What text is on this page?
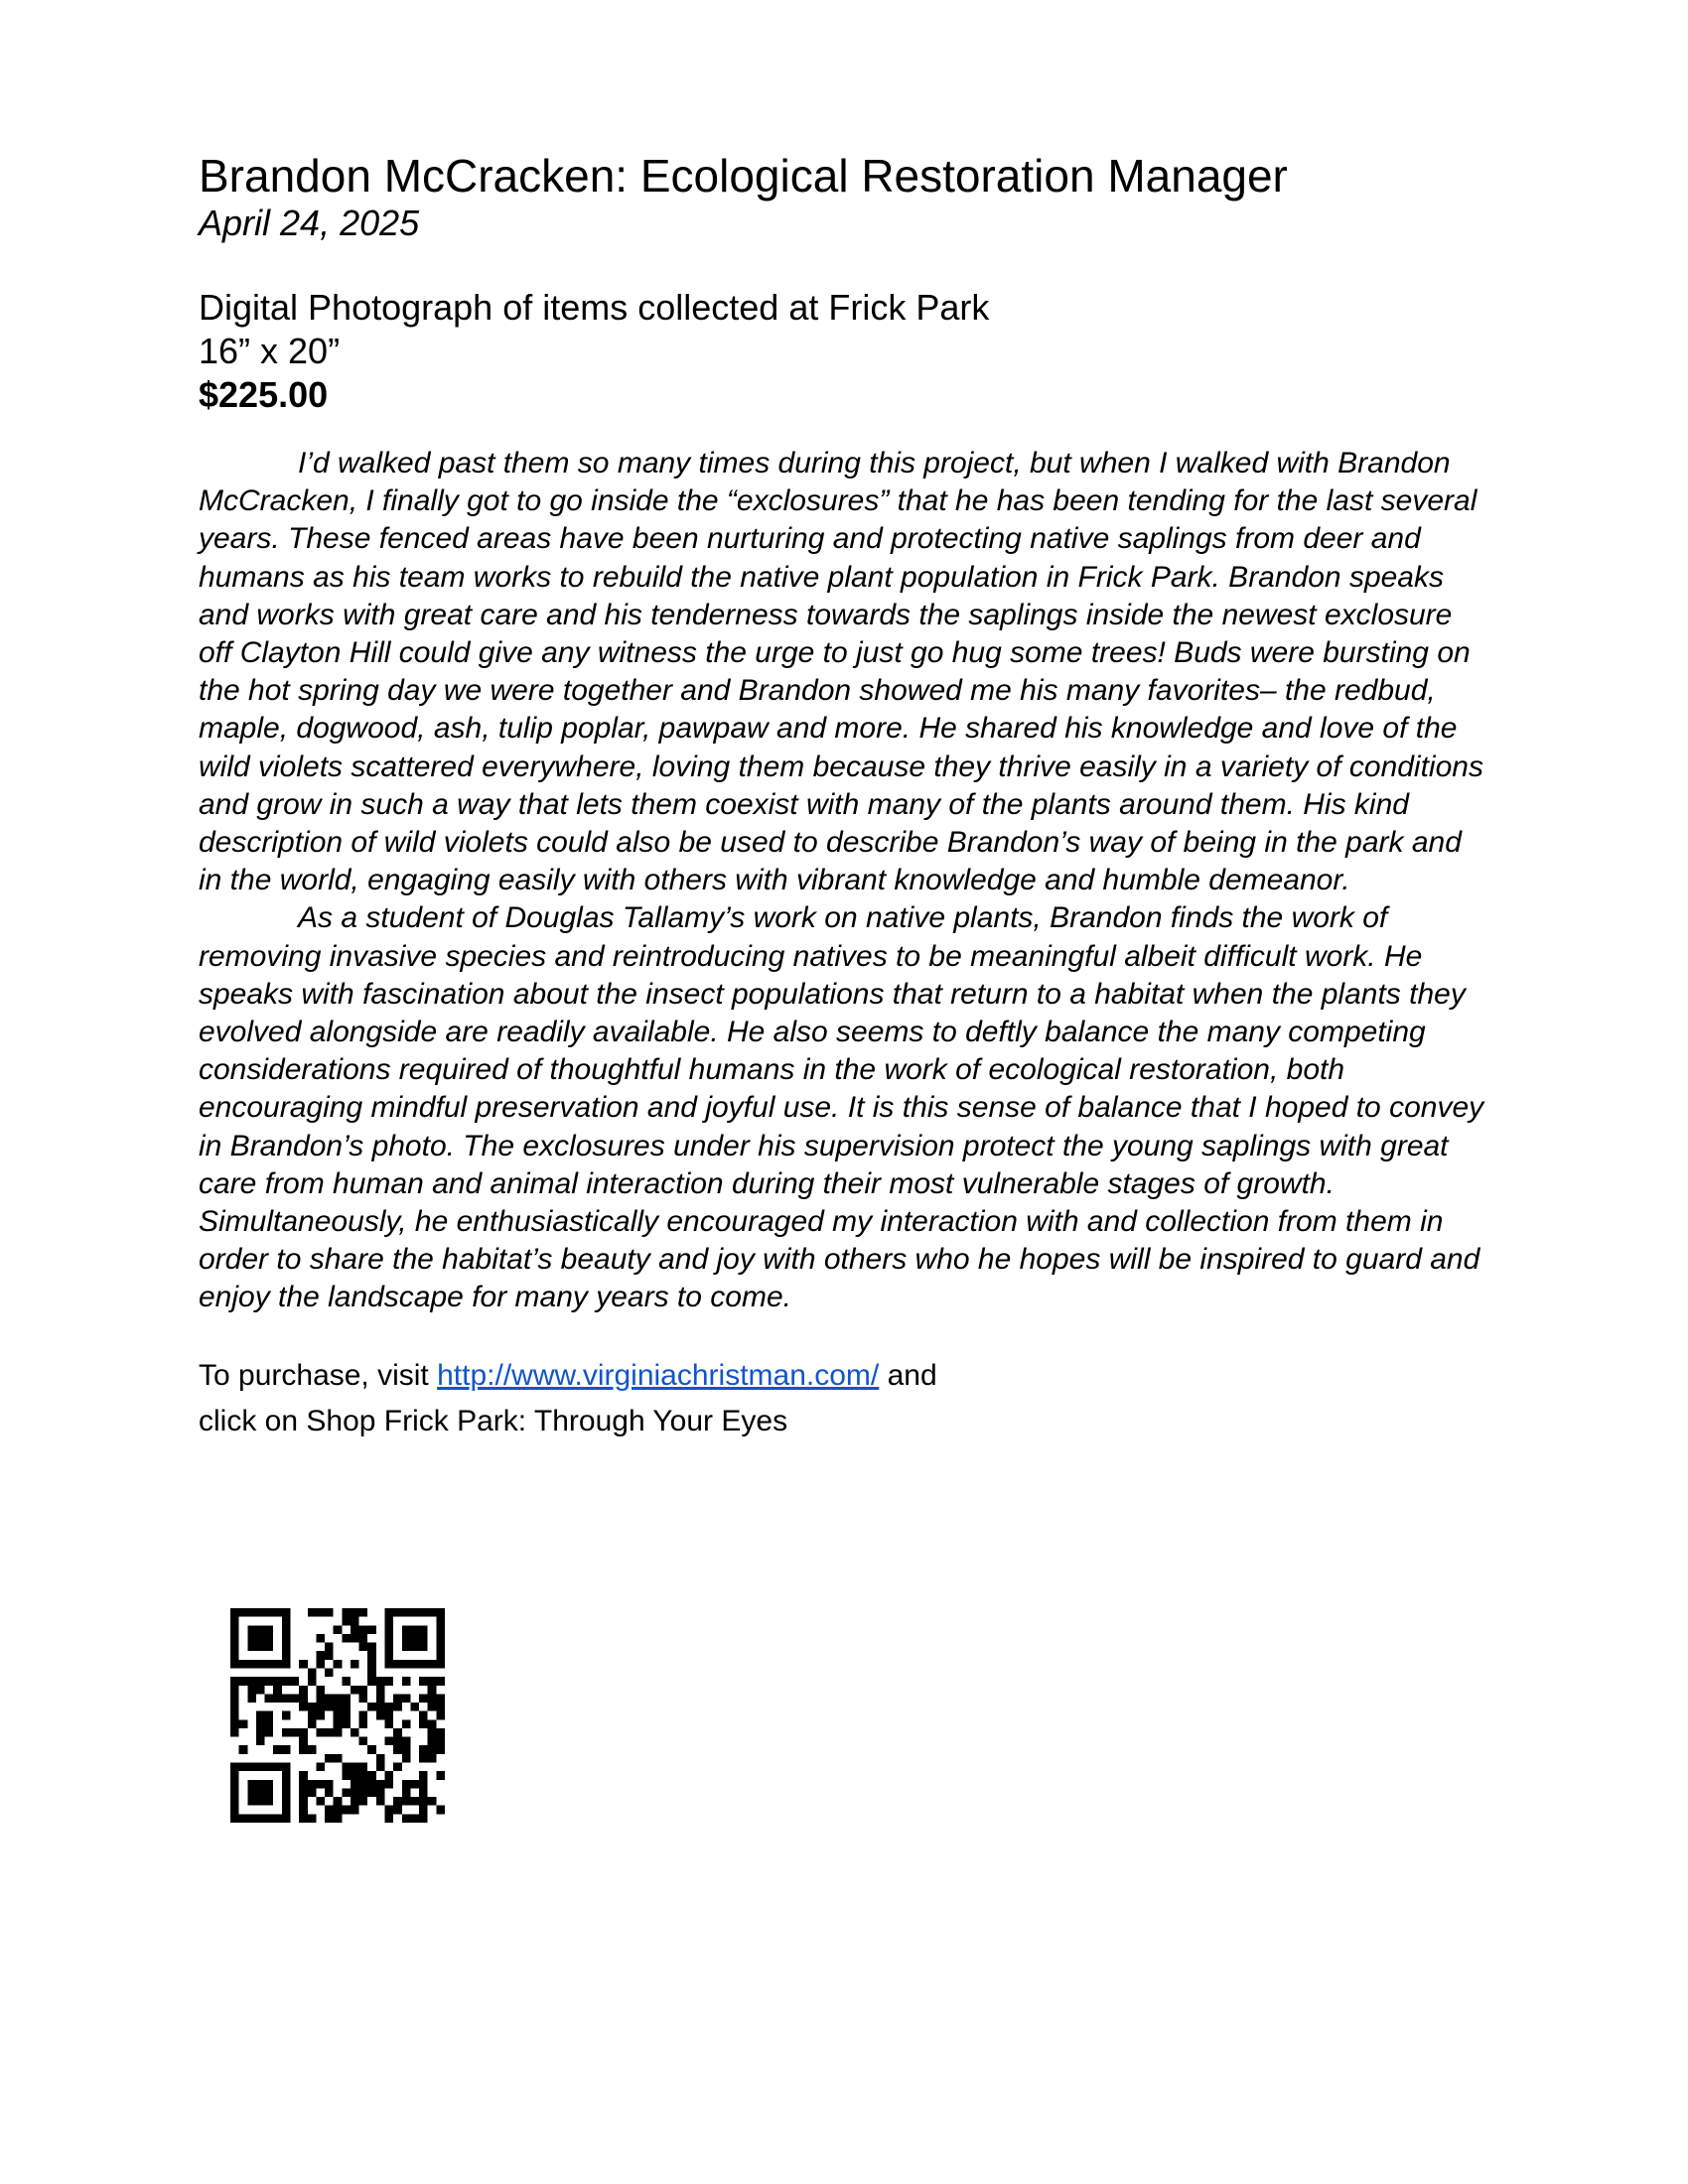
Brandon McCracken: Ecological Restoration Manager
April 24, 2025
Digital Photograph of items collected at Frick Park
16” x 20”
$225.00

I’d walked past them so many times during this project, but when I walked with Brandon McCracken, I finally got to go inside the “exclosures” that he has been tending for the last several years. These fenced areas have been nurturing and protecting native saplings from deer and humans as his team works to rebuild the native plant population in Frick Park. Brandon speaks and works with great care and his tenderness towards the saplings inside the newest exclosure off Clayton Hill could give any witness the urge to just go hug some trees! Buds were bursting on the hot spring day we were together and Brandon showed me his many favorites– the redbud, maple, dogwood, ash, tulip poplar, pawpaw and more. He shared his knowledge and love of the wild violets scattered everywhere, loving them because they thrive easily in a variety of conditions and grow in such a way that lets them coexist with many of the plants around them. His kind description of wild violets could also be used to describe Brandon’s way of being in the park and in the world, engaging easily with others with vibrant knowledge and humble demeanor.

As a student of Douglas Tallamy’s work on native plants, Brandon finds the work of removing invasive species and reintroducing natives to be meaningful albeit difficult work. He speaks with fascination about the insect populations that return to a habitat when the plants they evolved alongside are readily available. He also seems to deftly balance the many competing considerations required of thoughtful humans in the work of ecological restoration, both encouraging mindful preservation and joyful use. It is this sense of balance that I hoped to convey in Brandon’s photo. The exclosures under his supervision protect the young saplings with great care from human and animal interaction during their most vulnerable stages of growth. Simultaneously, he enthusiastically encouraged my interaction with and collection from them in order to share the habitat’s beauty and joy with others who he hopes will be inspired to guard and enjoy the landscape for many years to come.

To purchase, visit http://www.virginiachristman.com/ and
click on Shop Frick Park: Through Your Eyes
